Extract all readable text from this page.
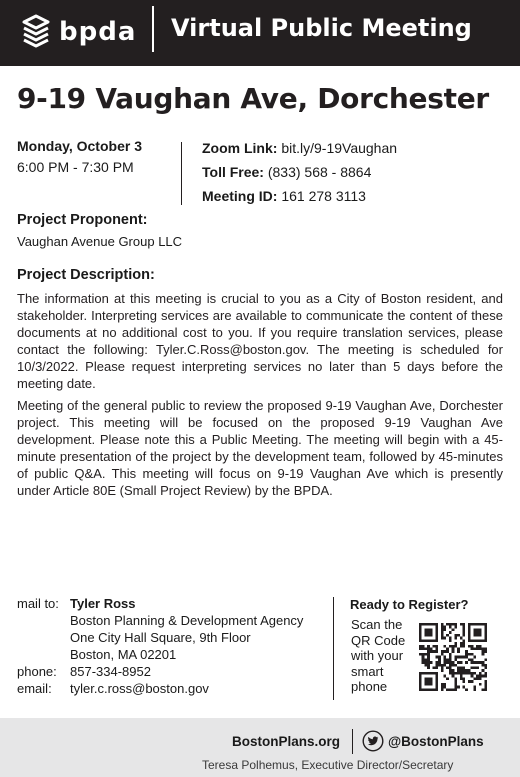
bpda Virtual Public Meeting
9-19 Vaughan Ave, Dorchester
Monday, October 3
6:00 PM - 7:30 PM
Zoom Link: bit.ly/9-19Vaughan
Toll Free: (833) 568 - 8864
Meeting ID: 161 278 3113
Project Proponent:
Vaughan Avenue Group LLC
Project Description:

The information at this meeting is crucial to you as a City of Boston resident, and stakeholder. Interpreting services are available to communicate the content of these documents at no additional cost to you. If you require translation services, please contact the following: Tyler.C.Ross@boston.gov. The meeting is scheduled for 10/3/2022. Please request interpreting services no later than 5 days before the meeting date.

Meeting of the general public to review the proposed 9-19 Vaughan Ave, Dorchester project. This meeting will be focused on the proposed 9-19 Vaughan Ave development. Please note this a Public Meeting. The meeting will begin with a 45-minute presentation of the project by the development team, followed by 45-minutes of public Q&A. This meeting will focus on 9-19 Vaughan Ave which is presently under Article 80E (Small Project Review) by the BPDA.

mail to: Tyler Ross
Boston Planning & Development Agency
One City Hall Square, 9th Floor
Boston, MA 02201
phone:	857-334-8952
email:	tyler.c.ross@boston.gov
Ready to Register?
Scan the
QR Code
with your
smart
phone
BostonPlans.org	@BostonPlans
Teresa Polhemus, Executive Director/Secretary
